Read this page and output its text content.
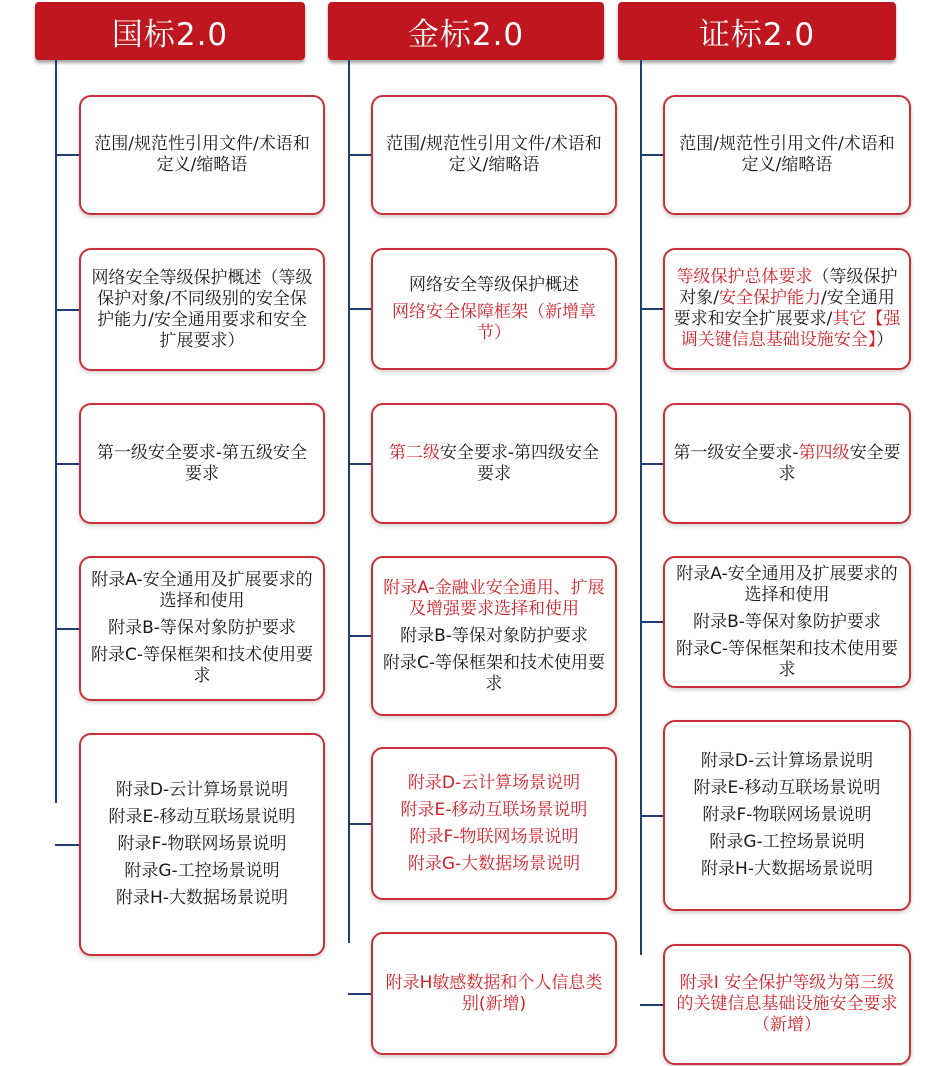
国标2.0

范围/规范性引用文件/术语和定义/缩略语

网络安全等级保护概述（等级保护对象/不同级别的安全保护能力/安全通用要求和安全扩展要求）

第一级安全要求-第五级安全要求

附录A-安全通用及扩展要求的选择和使用

附录B-等保对象防护要求

附录C-等保框架和技术使用要求

附录D-云计算场景说明

附录E-移动互联场景说明

附录F-物联网场景说明

附录G-工控场景说明

附录H-大数据场景说明

金标2.0

范围/规范性引用文件/术语和定义/缩略语

网络安全等级保护概述

网络安全保障框架（新增章节）

第二级安全要求-第四级安全要求

附录A-金融业安全通用、扩展及增强要求选择和使用

附录B-等保对象防护要求

附录C-等保框架和技术使用要求

附录D-云计算场景说明

附录E-移动互联场景说明

附录F-物联网场景说明

附录G-大数据场景说明

附录H敏感数据和个人信息类别(新增)

证标2.0

范围/规范性引用文件/术语和定义/缩略语

等级保护总体要求（等级保护对象/安全保护能力/安全通用要求和安全扩展要求/其它【强调关键信息基础设施安全】）

第一级安全要求-第四级安全要求

附录A-安全通用及扩展要求的选择和使用

附录B-等保对象防护要求

附录C-等保框架和技术使用要求

附录D-云计算场景说明

附录E-移动互联场景说明

附录F-物联网场景说明

附录G-工控场景说明

附录H-大数据场景说明

附录I 安全保护等级为第三级的关键信息基础设施安全要求（新增）
